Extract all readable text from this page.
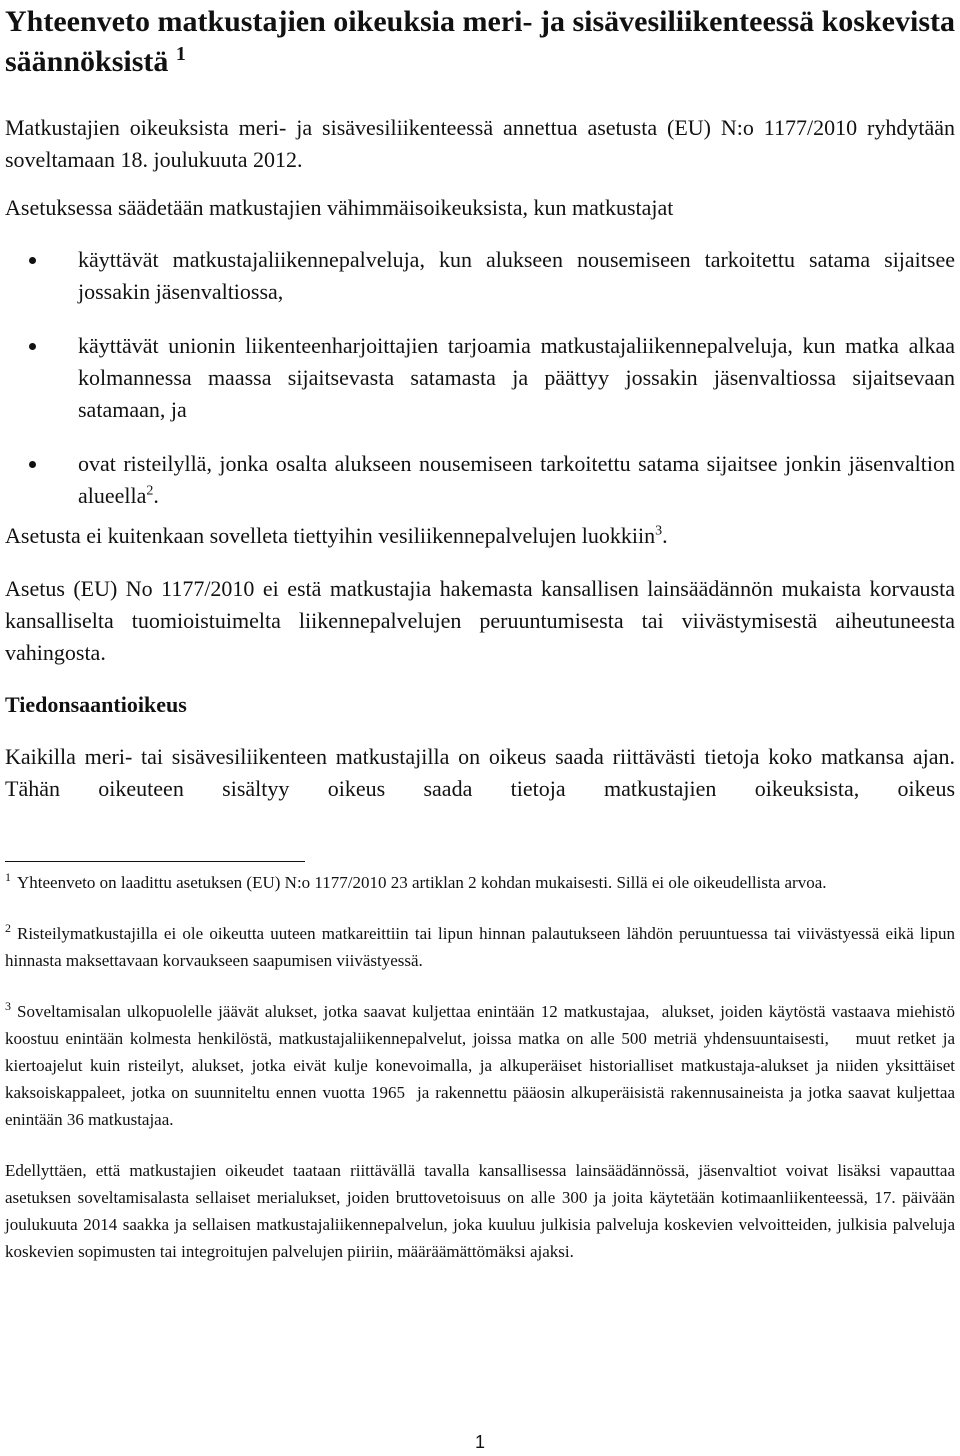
Yhteenveto matkustajien oikeuksia meri- ja sisävesiliikenteessä koskevista säännöksistä $^1$

Matkustajien oikeuksista meri- ja sisävesiliikenteessä annettua asetusta (EU) N:o 1177/2010 ryhdytään soveltamaan 18. joulukuuta 2012.

Asetuksessa säädetään matkustajien vähimmäisoikeuksista, kun matkustajat

käyttävät matkustajaliikennepalveluja, kun alukseen nousemiseen tarkoitettu satama sijaitsee jossakin jäsenvaltiossa,
käyttävät unionin liikenteenharjoittajien tarjoamia matkustajaliikennepalveluja, kun matka alkaa kolmannessa maassa sijaitsevasta satamasta ja päättyy jossakin jäsenvaltiossa sijaitsevaan satamaan, ja
ovat risteilyllä, jonka osalta alukseen nousemiseen tarkoitettu satama sijaitsee jonkin jäsenvaltion alueella$^2$.

Asetusta ei kuitenkaan sovelleta tiettyihin vesiliikennepalvelujen luokkiin$^3$.

Asetus (EU) No 1177/2010 ei estä matkustajia hakemasta kansallisen lainsäädännön mukaista korvausta kansalliselta tuomioistuimelta liikennepalvelujen peruuntumisesta tai viivästymisestä aiheutuneesta vahingosta.

Tiedonsaantioikeus

Kaikilla meri- tai sisävesiliikenteen matkustajilla on oikeus saada riittävästi tietoja koko matkansa ajan. Tähän oikeuteen sisältyy oikeus saada tietoja matkustajien oikeuksista, oikeus

$^1$ Yhteenveto on laadittu asetuksen (EU) N:o 1177/2010 23 artiklan 2 kohdan mukaisesti. Sillä ei ole oikeudellista arvoa.

$^2$ Risteilymatkustajilla ei ole oikeutta uuteen matkareittiin tai lipun hinnan palautukseen lähdön peruuntuessa tai viivästyessä eikä lipun hinnasta maksettavaan korvaukseen saapumisen viivästyessä.

$^3$ Soveltamisalan ulkopuolelle jäävät alukset, jotka saavat kuljettaa enintään 12 matkustajaa,  alukset, joiden käytöstä vastaava miehistö koostuu enintään kolmesta henkilöstä, matkustajaliikennepalvelut, joissa matka on alle 500 metriä yhdensuuntaisesti,    muut retket ja kiertoajelut kuin risteilyt, alukset, jotka eivät kulje konevoimalla, ja alkuperäiset historialliset matkustaja-alukset ja niiden yksittäiset kaksoiskappaleet, jotka on suunniteltu ennen vuotta 1965  ja rakennettu pääosin alkuperäisistä rakennusaineista ja jotka saavat kuljettaa enintään 36 matkustajaa.

Edellyttäen, että matkustajien oikeudet taataan riittävällä tavalla kansallisessa lainsäädännössä, jäsenvaltiot voivat lisäksi vapauttaa asetuksen soveltamisalasta sellaiset merialukset, joiden bruttovetoisuus on alle 300 ja joita käytetään kotimaanliikenteessä, 17. päivään joulukuuta 2014 saakka ja sellaisen matkustajaliikennepalvelun, joka kuuluu julkisia palveluja koskevien velvoitteiden, julkisia palveluja koskevien sopimusten tai integroitujen palvelujen piiriin, määräämättömäksi ajaksi.

1
